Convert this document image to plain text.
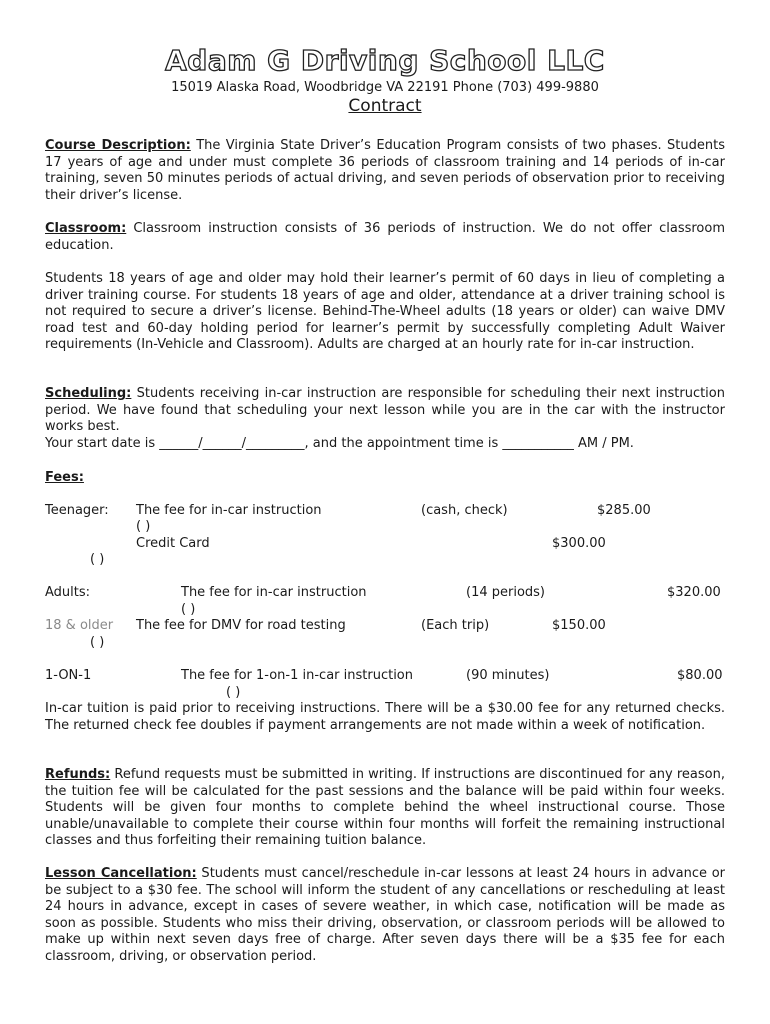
Adam G Driving School LLC
15019 Alaska Road, Woodbridge VA 22191 Phone (703) 499-9880
Contract

Course Description: The Virginia State Driver’s Education Program consists of two phases. Students 17 years of age and under must complete 36 periods of classroom training and 14 periods of in-car training, seven 50 minutes periods of actual driving, and seven periods of observation prior to receiving their driver’s license.

Classroom: Classroom instruction consists of 36 periods of instruction. We do not offer classroom education.

Students 18 years of age and older may hold their learner’s permit of 60 days in lieu of completing a driver training course. For students 18 years of age and older, attendance at a driver training school is not required to secure a driver’s license. Behind-The-Wheel adults (18 years or older) can waive DMV road test and 60-day holding period for learner’s permit by successfully completing Adult Waiver requirements (In-Vehicle and Classroom). Adults are charged at an hourly rate for in-car instruction.

Scheduling: Students receiving in-car instruction are responsible for scheduling their next instruction period. We have found that scheduling your next lesson while you are in the car with the instructor works best.
Your start date is ______/______/_________, and the appointment time is ___________ AM / PM.

Fees:
Teenager: The fee for in-car instruction	(cash, check)	$285.00
( )
Credit Card	$300.00
( )
Adults:	The fee for in-car instruction	(14 periods)	$320.00
( )
18 & older The fee for DMV for road testing	(Each trip)	$150.00
( )
1-ON-1	The fee for 1-on-1 in-car instruction	(90 minutes)	$80.00
( )

In-car tuition is paid prior to receiving instructions. There will be a $30.00 fee for any returned checks. The returned check fee doubles if payment arrangements are not made within a week of notification.

Refunds: Refund requests must be submitted in writing. If instructions are discontinued for any reason, the tuition fee will be calculated for the past sessions and the balance will be paid within four weeks. Students will be given four months to complete behind the wheel instructional course. Those unable/unavailable to complete their course within four months will forfeit the remaining instructional classes and thus forfeiting their remaining tuition balance.

Lesson Cancellation: Students must cancel/reschedule in-car lessons at least 24 hours in advance or be subject to a $30 fee. The school will inform the student of any cancellations or rescheduling at least 24 hours in advance, except in cases of severe weather, in which case, notification will be made as soon as possible. Students who miss their driving, observation, or classroom periods will be allowed to make up within next seven days free of charge. After seven days there will be a $35 fee for each classroom, driving, or observation period.
